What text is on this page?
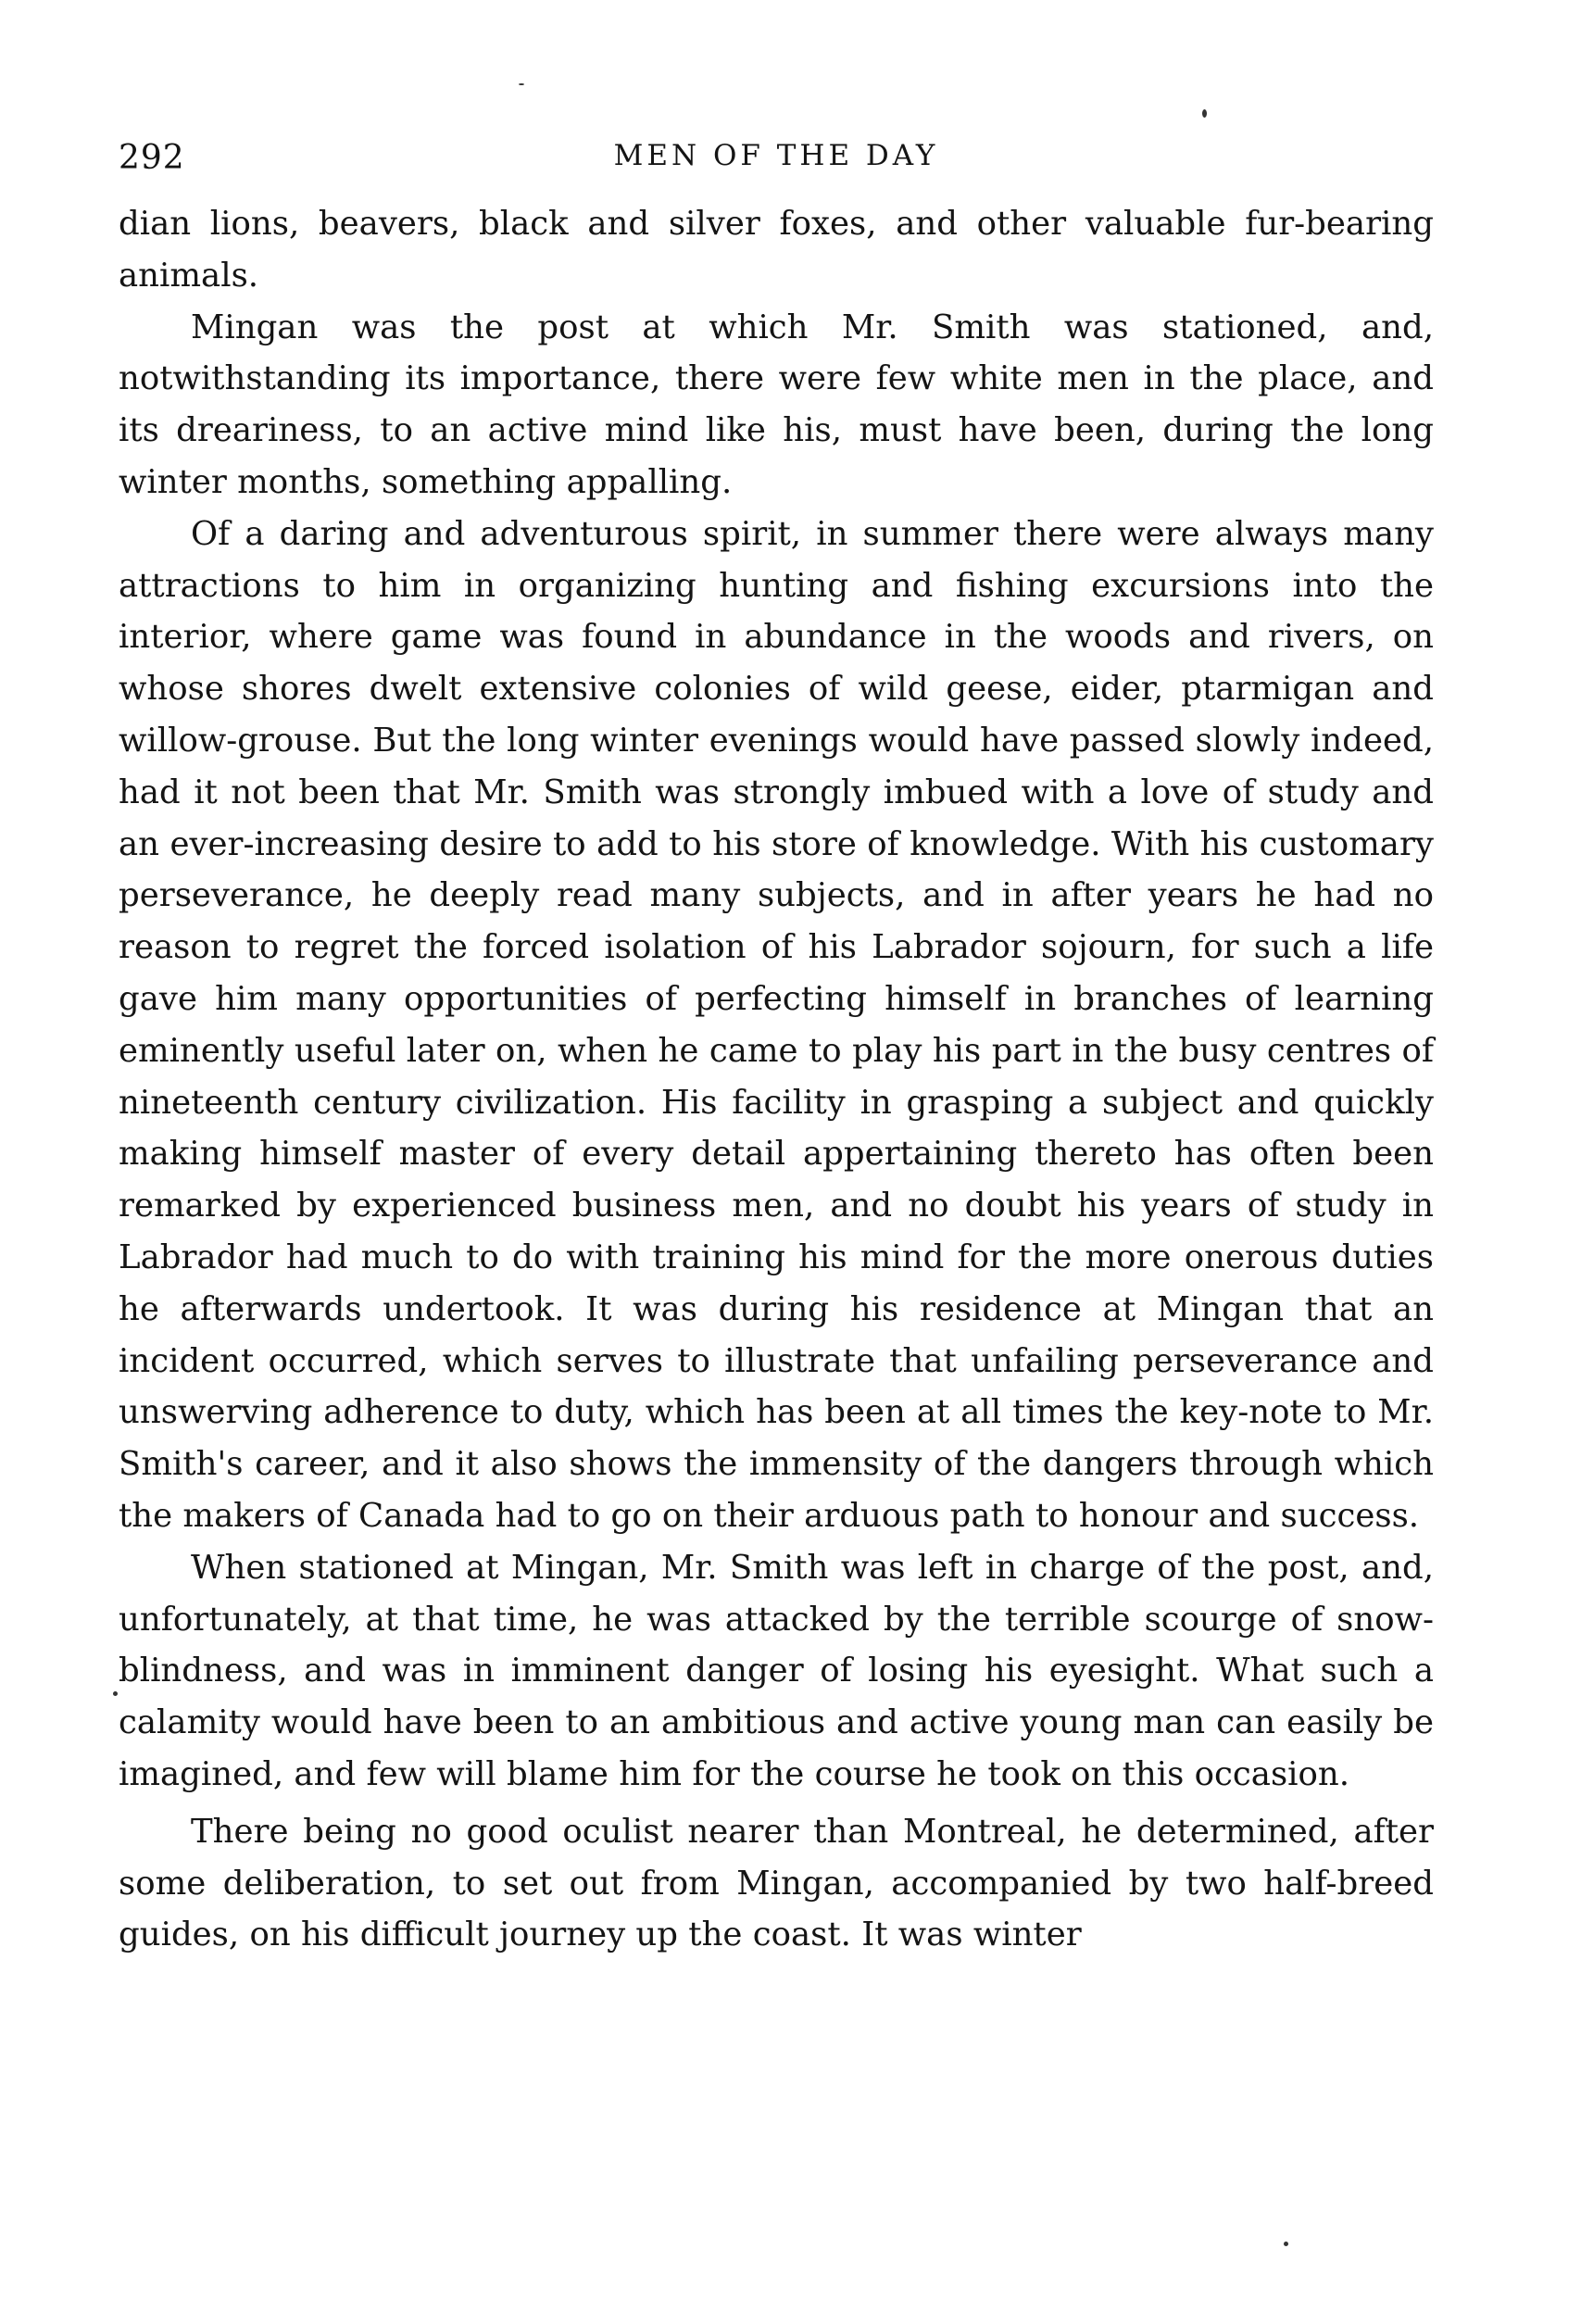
292	MEN OF THE DAY

dian lions, beavers, black and silver foxes, and other valuable fur-bearing animals.

Mingan was the post at which Mr. Smith was stationed, and, notwithstanding its importance, there were few white men in the place, and its dreariness, to an active mind like his, must have been, during the long winter months, something appalling.

Of a daring and adventurous spirit, in summer there were always many attractions to him in organizing hunting and fishing excursions into the interior, where game was found in abundance in the woods and rivers, on whose shores dwelt extensive colonies of wild geese, eider, ptarmigan and willow-grouse. But the long winter evenings would have passed slowly indeed, had it not been that Mr. Smith was strongly imbued with a love of study and an ever-increasing desire to add to his store of knowledge. With his customary perseverance, he deeply read many subjects, and in after years he had no reason to regret the forced isolation of his Labrador sojourn, for such a life gave him many opportunities of perfecting himself in branches of learning eminently useful later on, when he came to play his part in the busy centres of nineteenth century civilization. His facility in grasping a subject and quickly making himself master of every detail appertaining thereto has often been remarked by experienced business men, and no doubt his years of study in Labrador had much to do with training his mind for the more onerous duties he afterwards undertook. It was during his residence at Mingan that an incident occurred, which serves to illustrate that unfailing perseverance and unswerving adherence to duty, which has been at all times the key-note to Mr. Smith's career, and it also shows the immensity of the dangers through which the makers of Canada had to go on their arduous path to honour and success.

When stationed at Mingan, Mr. Smith was left in charge of the post, and, unfortunately, at that time, he was attacked by the terrible scourge of snow-blindness, and was in imminent danger of losing his eyesight. What such a calamity would have been to an ambitious and active young man can easily be imagined, and few will blame him for the course he took on this occasion.

There being no good oculist nearer than Montreal, he determined, after some deliberation, to set out from Mingan, accompanied by two half-breed guides, on his difficult journey up the coast. It was winter
